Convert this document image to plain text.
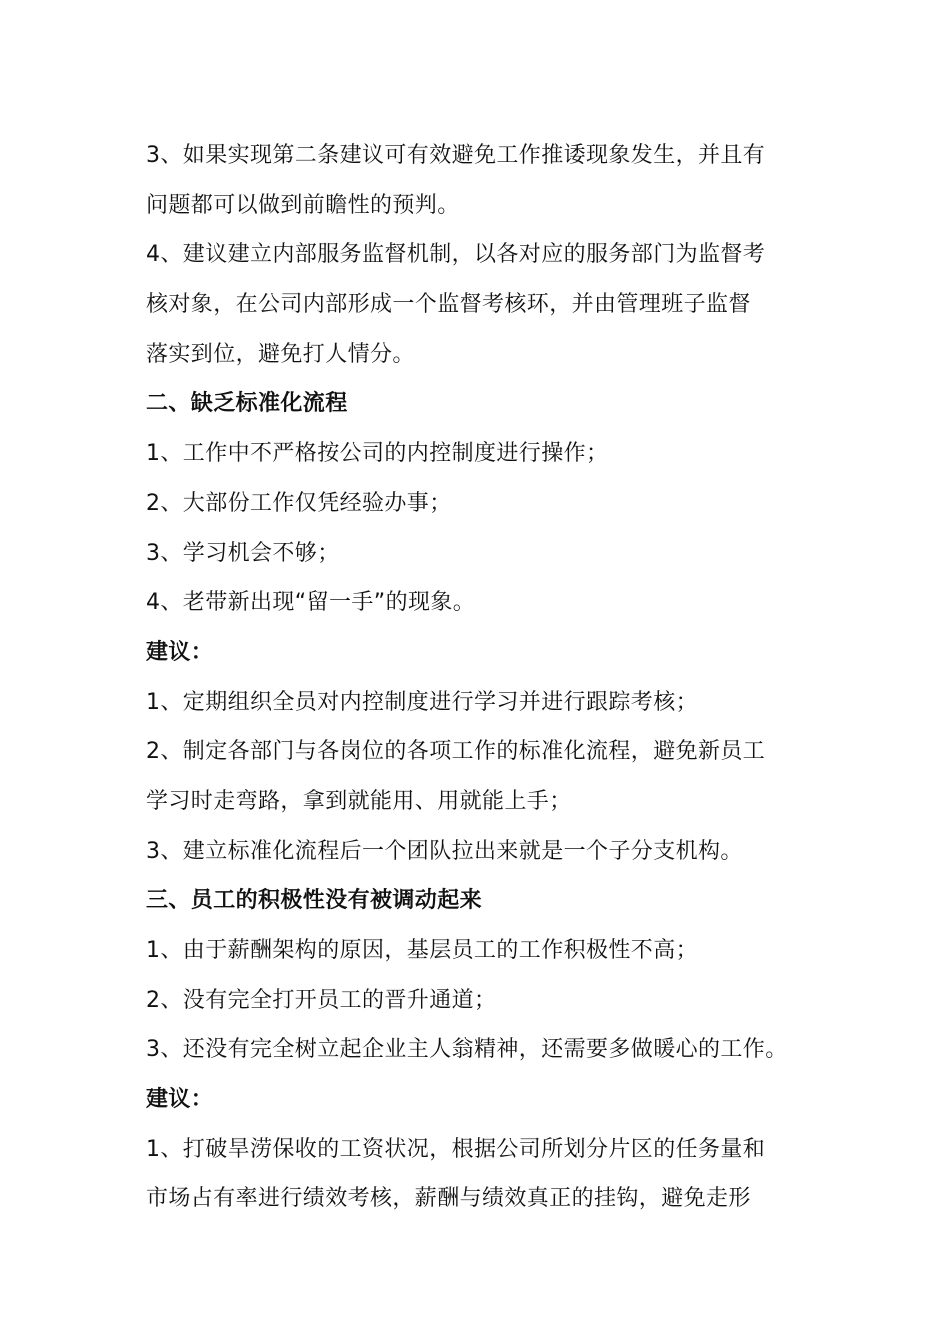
3、如果实现第二条建议可有效避免工作推诿现象发生，并且有

问题都可以做到前瞻性的预判。

4、建议建立内部服务监督机制，以各对应的服务部门为监督考

核对象，在公司内部形成一个监督考核环，并由管理班子监督

落实到位，避免打人情分。

二、缺乏标准化流程

1、工作中不严格按公司的内控制度进行操作；

2、大部份工作仅凭经验办事；

3、学习机会不够；

4、老带新出现“留一手”的现象。

建议：

1、定期组织全员对内控制度进行学习并进行跟踪考核；

2、制定各部门与各岗位的各项工作的标准化流程，避免新员工

学习时走弯路，拿到就能用、用就能上手；

3、建立标准化流程后一个团队拉出来就是一个子分支机构。

三、员工的积极性没有被调动起来

1、由于薪酬架构的原因，基层员工的工作积极性不高；

2、没有完全打开员工的晋升通道；

3、还没有完全树立起企业主人翁精神，还需要多做暖心的工作。

建议：

1、打破旱涝保收的工资状况，根据公司所划分片区的任务量和

市场占有率进行绩效考核，薪酬与绩效真正的挂钩，避免走形
